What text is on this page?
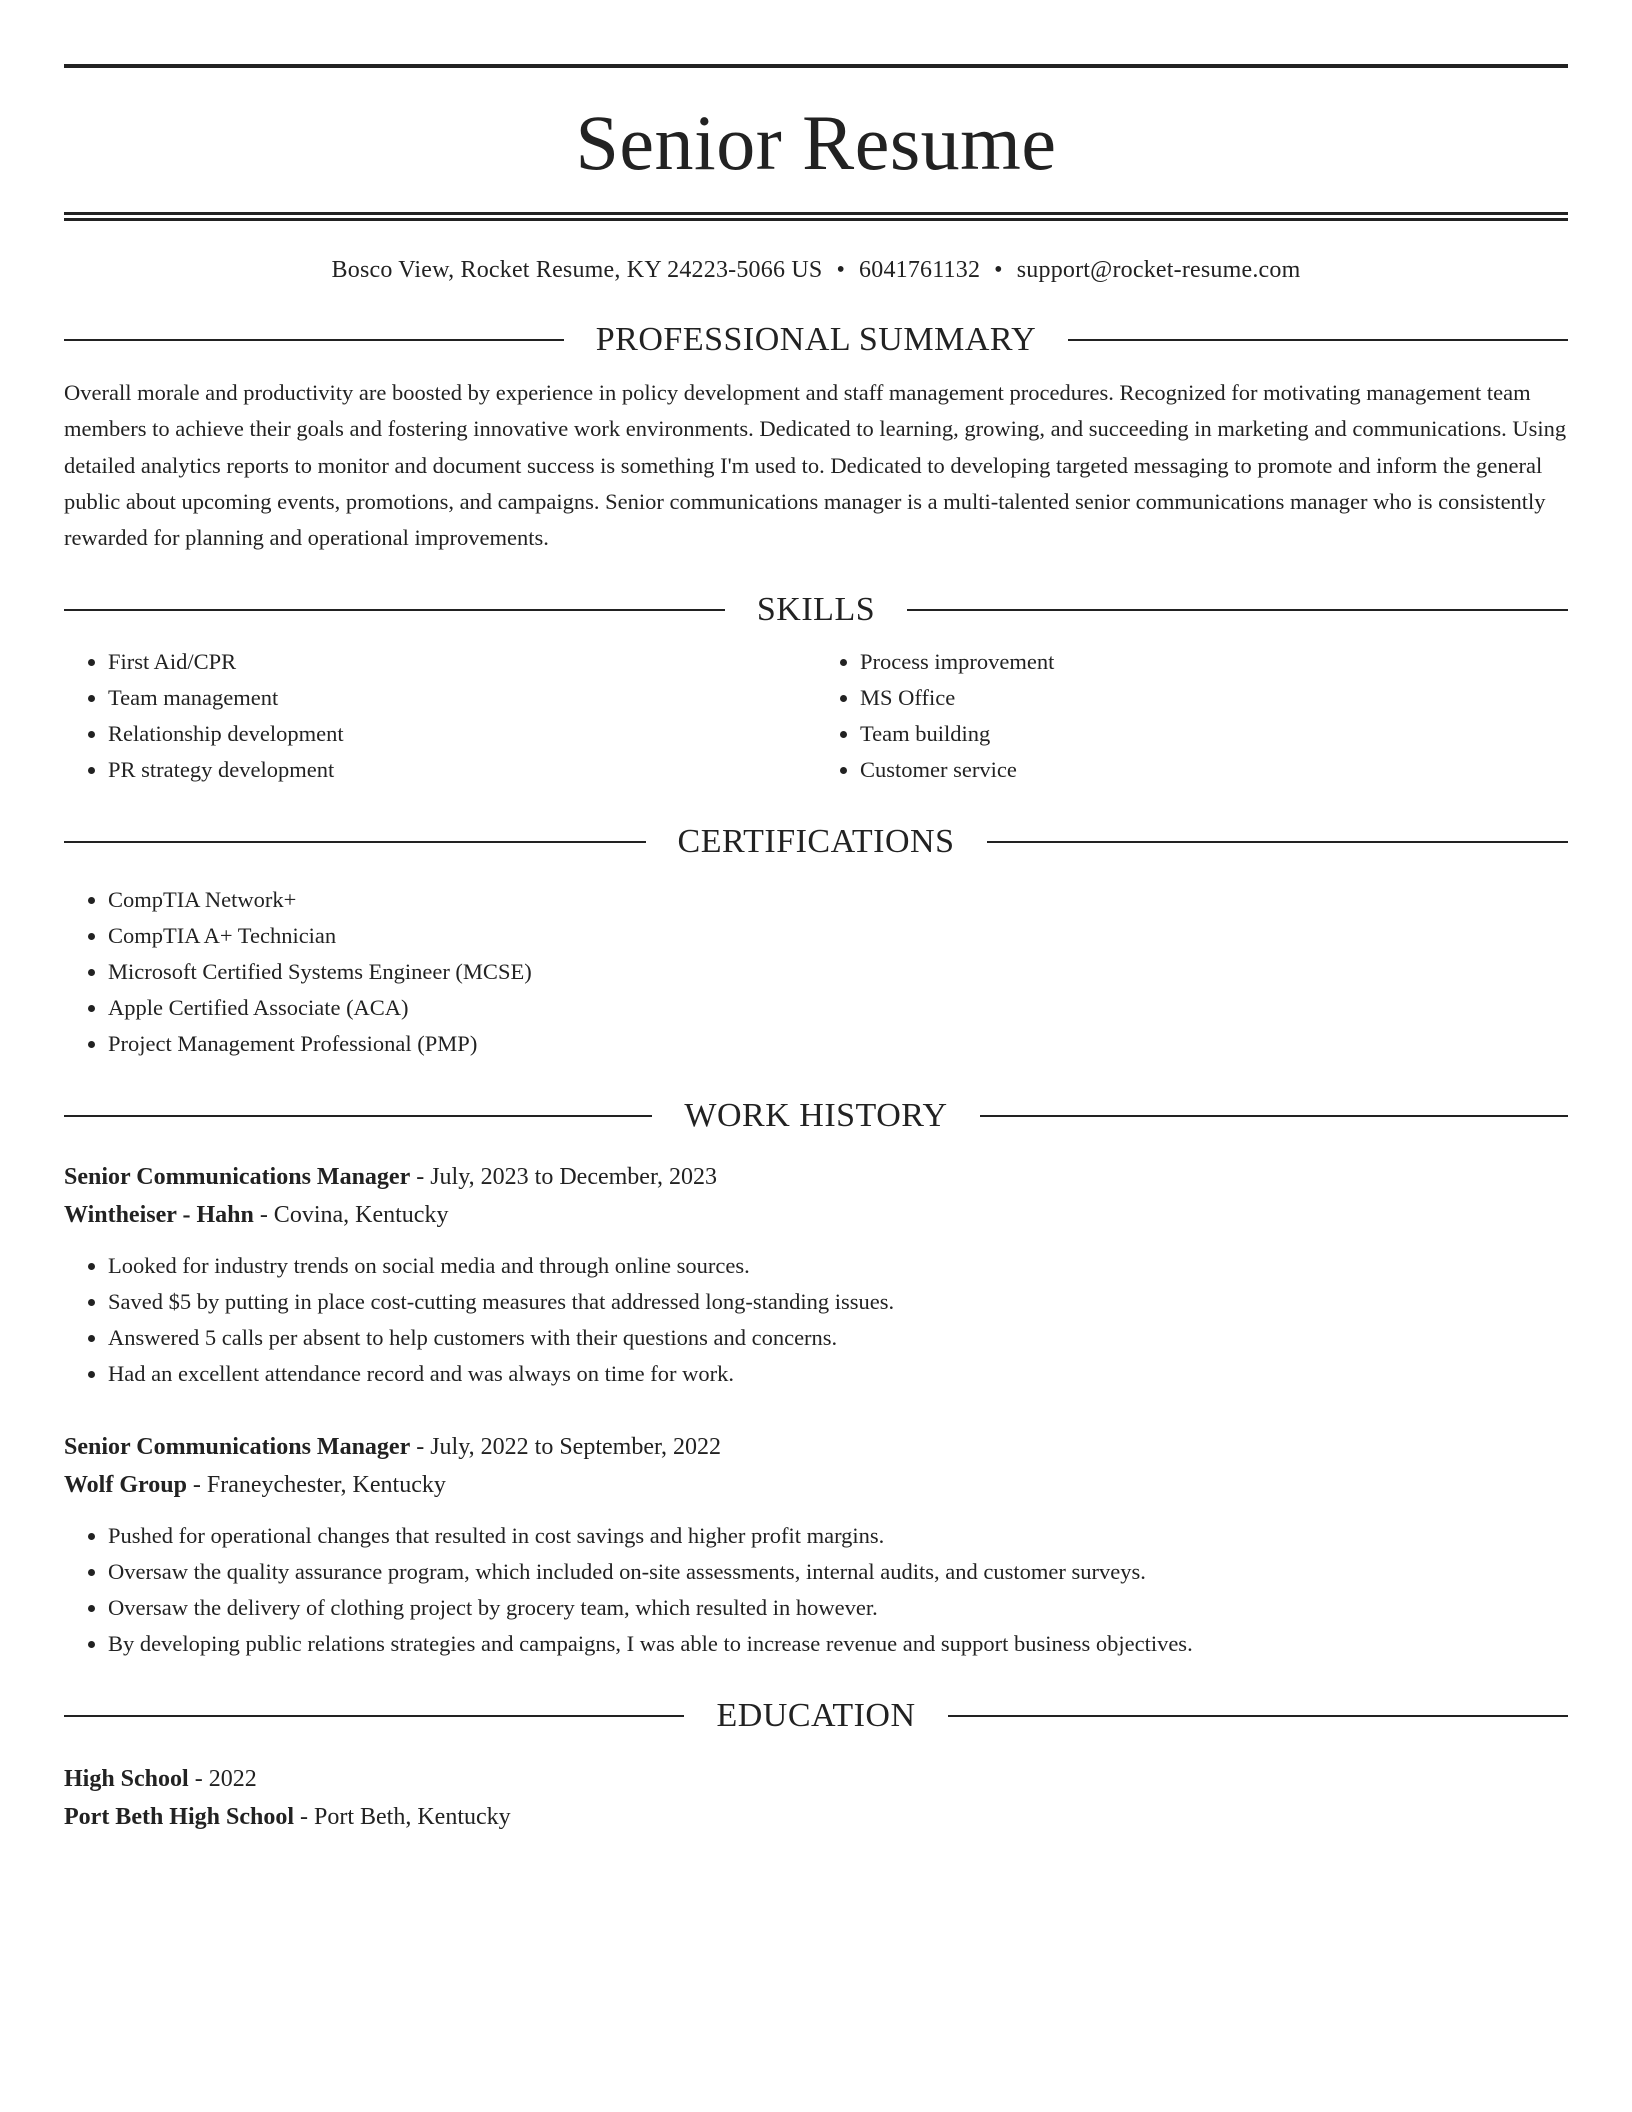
Senior Resume
Bosco View, Rocket Resume, KY 24223-5066 US • 6041761132 • support@rocket-resume.com
PROFESSIONAL SUMMARY
Overall morale and productivity are boosted by experience in policy development and staff management procedures. Recognized for motivating management team members to achieve their goals and fostering innovative work environments. Dedicated to learning, growing, and succeeding in marketing and communications. Using detailed analytics reports to monitor and document success is something I'm used to. Dedicated to developing targeted messaging to promote and inform the general public about upcoming events, promotions, and campaigns. Senior communications manager is a multi-talented senior communications manager who is consistently rewarded for planning and operational improvements.
SKILLS
• First Aid/CPR
• Team management
• Relationship development
• PR strategy development
• Process improvement
• MS Office
• Team building
• Customer service
CERTIFICATIONS
• CompTIA Network+
• CompTIA A+ Technician
• Microsoft Certified Systems Engineer (MCSE)
• Apple Certified Associate (ACA)
• Project Management Professional (PMP)
WORK HISTORY
Senior Communications Manager - July, 2023 to December, 2023
Wintheiser - Hahn - Covina, Kentucky
• Looked for industry trends on social media and through online sources.
• Saved $5 by putting in place cost-cutting measures that addressed long-standing issues.
• Answered 5 calls per absent to help customers with their questions and concerns.
• Had an excellent attendance record and was always on time for work.
Senior Communications Manager - July, 2022 to September, 2022
Wolf Group - Franeychester, Kentucky
• Pushed for operational changes that resulted in cost savings and higher profit margins.
• Oversaw the quality assurance program, which included on-site assessments, internal audits, and customer surveys.
• Oversaw the delivery of clothing project by grocery team, which resulted in however.
• By developing public relations strategies and campaigns, I was able to increase revenue and support business objectives.
EDUCATION
High School - 2022
Port Beth High School - Port Beth, Kentucky
